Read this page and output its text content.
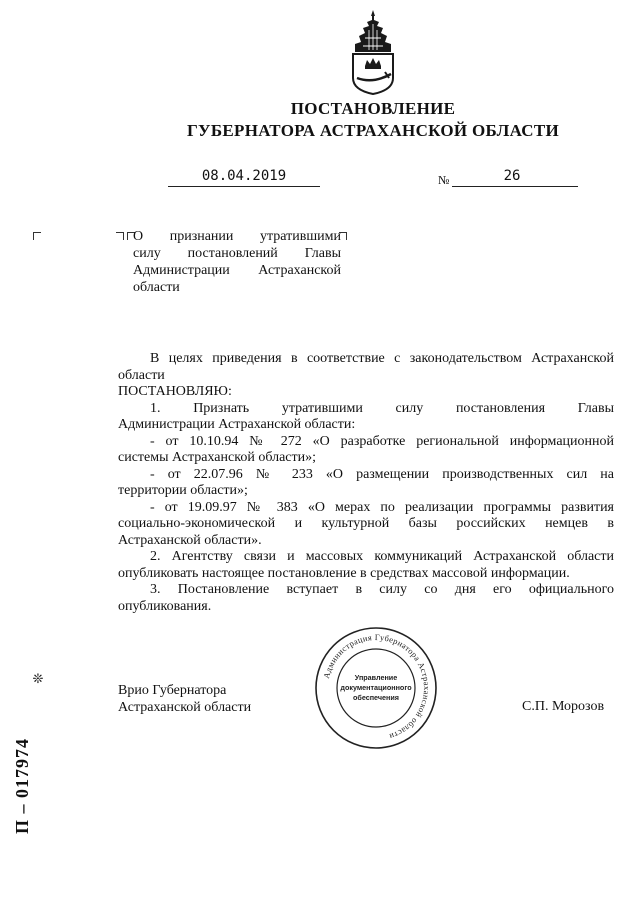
ПОСТАНОВЛЕНИЕ
ГУБЕРНАТОРА АСТРАХАНСКОЙ ОБЛАСТИ
08.04.2019	№	26
О признании утратившими
силу постановлений Главы
Администрации Астраханской
области

В целях приведения в соответствие с законодательством Астраханской

области

ПОСТАНОВЛЯЮ:

1. Признать утратившими силу постановления Главы

Администрации Астраханской области:

- от 10.10.94 № 272 «О разработке региональной информационной

системы Астраханской области»;

- от 22.07.96 № 233 «О размещении производственных сил на

территории области»;

- от 19.09.97 № 383 «О мерах по реализации программы развития

социально-экономической и культурной базы российских немцев в

Астраханской области».

2. Агентству связи и массовых коммуникаций Астраханской области

опубликовать настоящее постановление в средствах массовой информации.

3. Постановление вступает в силу со дня его официального

опубликования.

Врио Губернатора
Астраханской области	С.П. Морозов
Администрация Губернатора Астраханской области
Управление
документационного
обеспечения
❊
П – 017974
